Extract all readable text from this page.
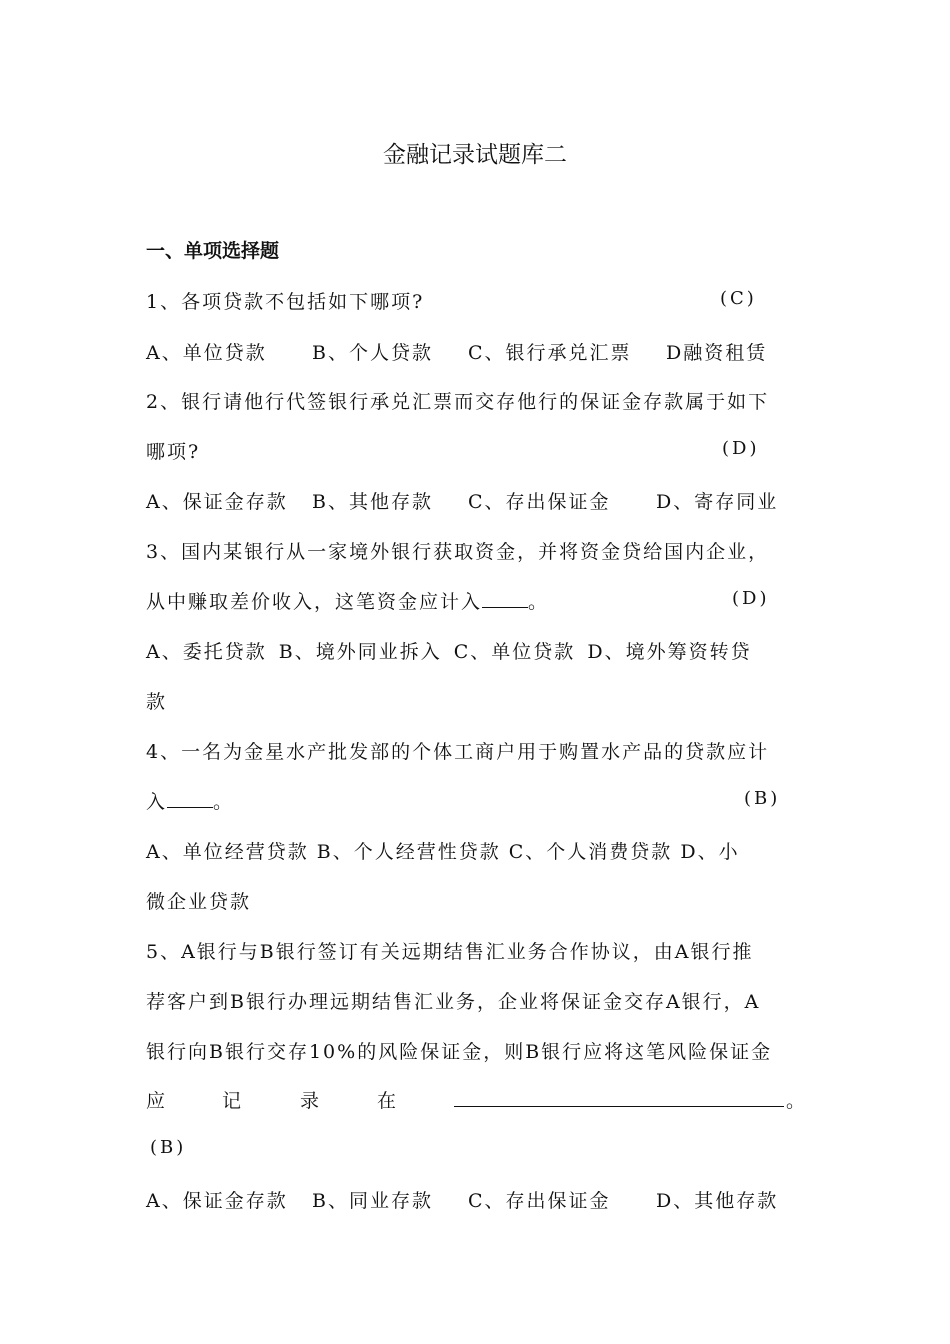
金融记录试题库二
一、单项选择题
1、各项贷款不包括如下哪项?	(C)
A、单位贷款 B、个人贷款 C、银行承兑汇票 D融资租赁
2、银行请他行代签银行承兑汇票而交存他行的保证金存款属于如下
哪项?	(D)
A、保证金存款 B、其他存款 C、存出保证金 D、寄存同业
3、国内某银行从一家境外银行获取资金，并将资金贷给国内企业，
从中赚取差价收入，这笔资金应计入 。	(D)
A、委托贷款 B、境外同业拆入 C、单位贷款 D、境外筹资转贷
款
4、一名为金星水产批发部的个体工商户用于购置水产品的贷款应计
入 。	(B)
A、单位经营贷款 B、个人经营性贷款 C、个人消费贷款 D、小
微企业贷款
5、A银行与B银行签订有关远期结售汇业务合作协议，由A银行推
荐客户到B银行办理远期结售汇业务，企业将保证金交存A银行，A
银行向B银行交存10%的风险保证金，则B银行应将这笔风险保证金
应	记	录	在	。
(B)
A、保证金存款 B、同业存款 C、存出保证金 D、其他存款
